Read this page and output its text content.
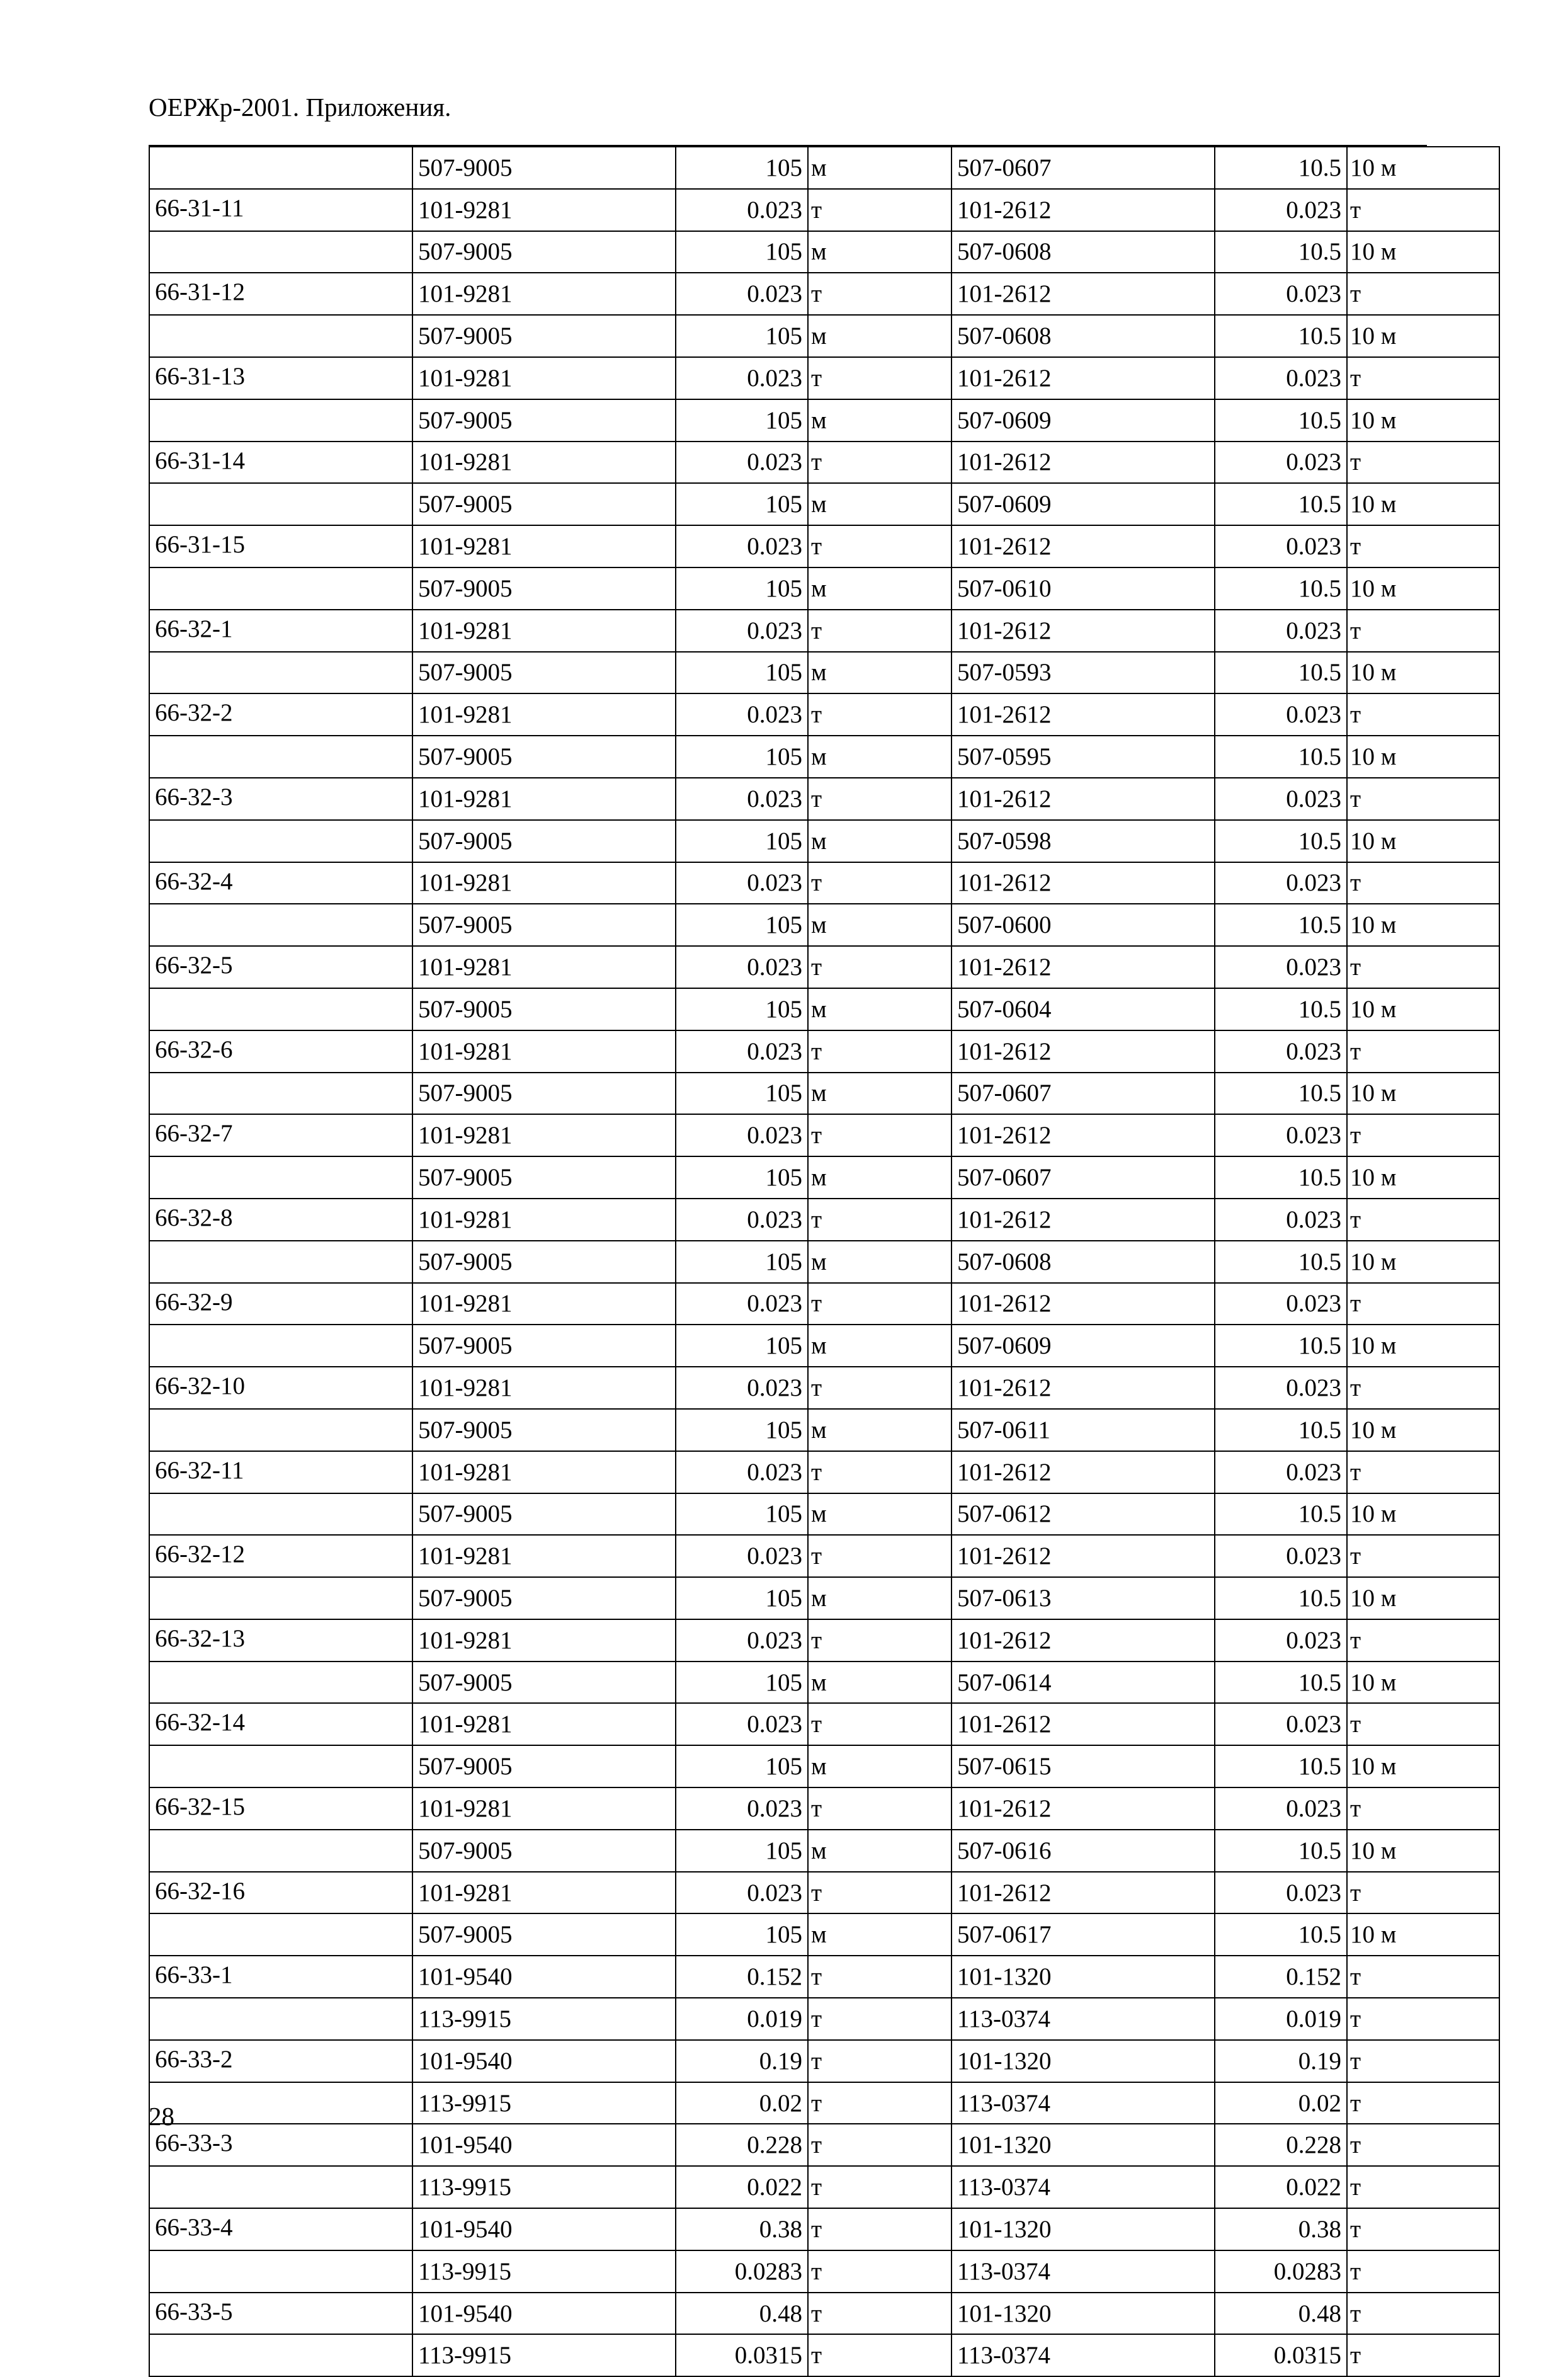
ОЕРЖр-2001. Приложения.
	507-9005	105	м	507-0607	10.5	10 м
66-31-11	101-9281	0.023	т	101-2612	0.023	т
	507-9005	105	м	507-0608	10.5	10 м
66-31-12	101-9281	0.023	т	101-2612	0.023	т
	507-9005	105	м	507-0608	10.5	10 м
66-31-13	101-9281	0.023	т	101-2612	0.023	т
	507-9005	105	м	507-0609	10.5	10 м
66-31-14	101-9281	0.023	т	101-2612	0.023	т
	507-9005	105	м	507-0609	10.5	10 м
66-31-15	101-9281	0.023	т	101-2612	0.023	т
	507-9005	105	м	507-0610	10.5	10 м
66-32-1	101-9281	0.023	т	101-2612	0.023	т
	507-9005	105	м	507-0593	10.5	10 м
66-32-2	101-9281	0.023	т	101-2612	0.023	т
	507-9005	105	м	507-0595	10.5	10 м
66-32-3	101-9281	0.023	т	101-2612	0.023	т
	507-9005	105	м	507-0598	10.5	10 м
66-32-4	101-9281	0.023	т	101-2612	0.023	т
	507-9005	105	м	507-0600	10.5	10 м
66-32-5	101-9281	0.023	т	101-2612	0.023	т
	507-9005	105	м	507-0604	10.5	10 м
66-32-6	101-9281	0.023	т	101-2612	0.023	т
	507-9005	105	м	507-0607	10.5	10 м
66-32-7	101-9281	0.023	т	101-2612	0.023	т
	507-9005	105	м	507-0607	10.5	10 м
66-32-8	101-9281	0.023	т	101-2612	0.023	т
	507-9005	105	м	507-0608	10.5	10 м
66-32-9	101-9281	0.023	т	101-2612	0.023	т
	507-9005	105	м	507-0609	10.5	10 м
66-32-10	101-9281	0.023	т	101-2612	0.023	т
	507-9005	105	м	507-0611	10.5	10 м
66-32-11	101-9281	0.023	т	101-2612	0.023	т
	507-9005	105	м	507-0612	10.5	10 м
66-32-12	101-9281	0.023	т	101-2612	0.023	т
	507-9005	105	м	507-0613	10.5	10 м
66-32-13	101-9281	0.023	т	101-2612	0.023	т
	507-9005	105	м	507-0614	10.5	10 м
66-32-14	101-9281	0.023	т	101-2612	0.023	т
	507-9005	105	м	507-0615	10.5	10 м
66-32-15	101-9281	0.023	т	101-2612	0.023	т
	507-9005	105	м	507-0616	10.5	10 м
66-32-16	101-9281	0.023	т	101-2612	0.023	т
	507-9005	105	м	507-0617	10.5	10 м
66-33-1	101-9540	0.152	т	101-1320	0.152	т
	113-9915	0.019	т	113-0374	0.019	т
66-33-2	101-9540	0.19	т	101-1320	0.19	т
	113-9915	0.02	т	113-0374	0.02	т
66-33-3	101-9540	0.228	т	101-1320	0.228	т
	113-9915	0.022	т	113-0374	0.022	т
66-33-4	101-9540	0.38	т	101-1320	0.38	т
	113-9915	0.0283	т	113-0374	0.0283	т
66-33-5	101-9540	0.48	т	101-1320	0.48	т
	113-9915	0.0315	т	113-0374	0.0315	т
28
